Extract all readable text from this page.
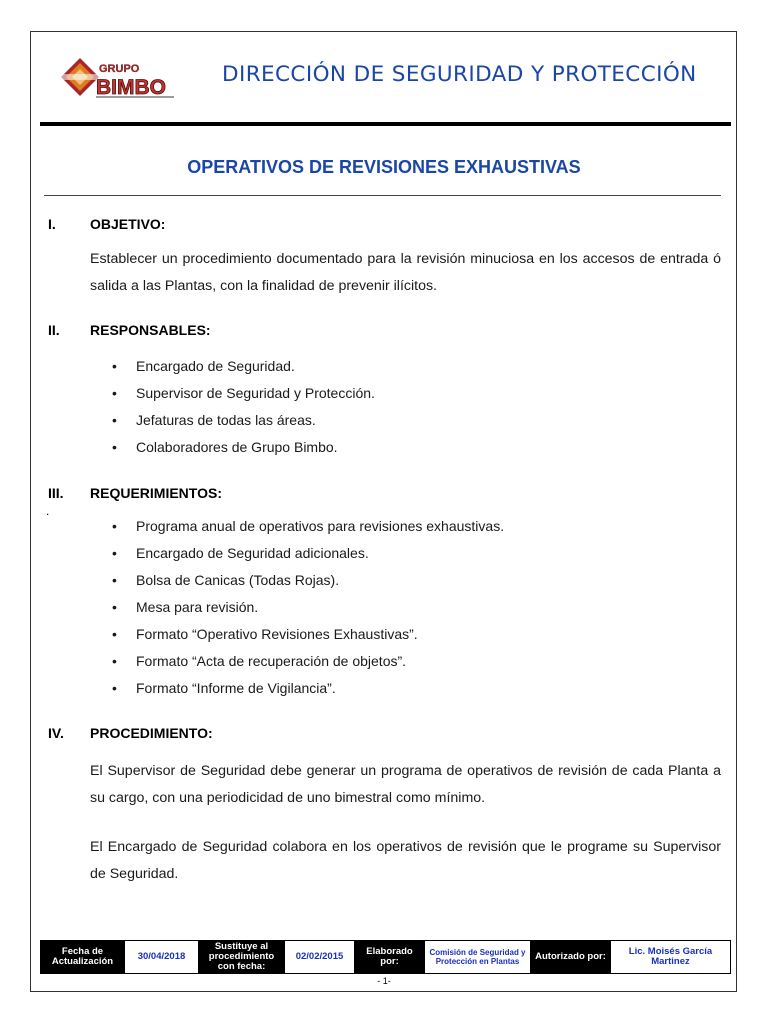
GRUPO
BIMBO
DIRECCIÓN DE SEGURIDAD Y PROTECCIÓN
OPERATIVOS DE REVISIONES EXHAUSTIVAS
I.	OBJETIVO:

Establecer un procedimiento documentado para la revisión minuciosa en los accesos de entrada ó salida a las Plantas, con la finalidad de prevenir ilícitos.

II.	RESPONSABLES:
• Encargado de Seguridad.
• Supervisor de Seguridad y Protección.
• Jefaturas de todas las áreas.
• Colaboradores de Grupo Bimbo.
III.	REQUERIMIENTOS:
.
• Programa anual de operativos para revisiones exhaustivas.
• Encargado de Seguridad adicionales.
• Bolsa de Canicas (Todas Rojas).
• Mesa para revisión.
• Formato “Operativo Revisiones Exhaustivas”.
• Formato “Acta de recuperación de objetos”.
• Formato “Informe de Vigilancia”.
IV.	PROCEDIMIENTO:

El Supervisor de Seguridad debe generar un programa de operativos de revisión de cada Planta a su cargo, con una periodicidad de uno bimestral como mínimo.

El Encargado de Seguridad colabora en los operativos de revisión que le programe su Supervisor de Seguridad.

Fecha de Actualización	30/04/2018	Sustituye al procedimiento con fecha:	02/02/2015	Elaborado por:	Comisión de Seguridad y Protección en Plantas	Autorizado por:	Lic. Moisés García Martinez
- 1-
